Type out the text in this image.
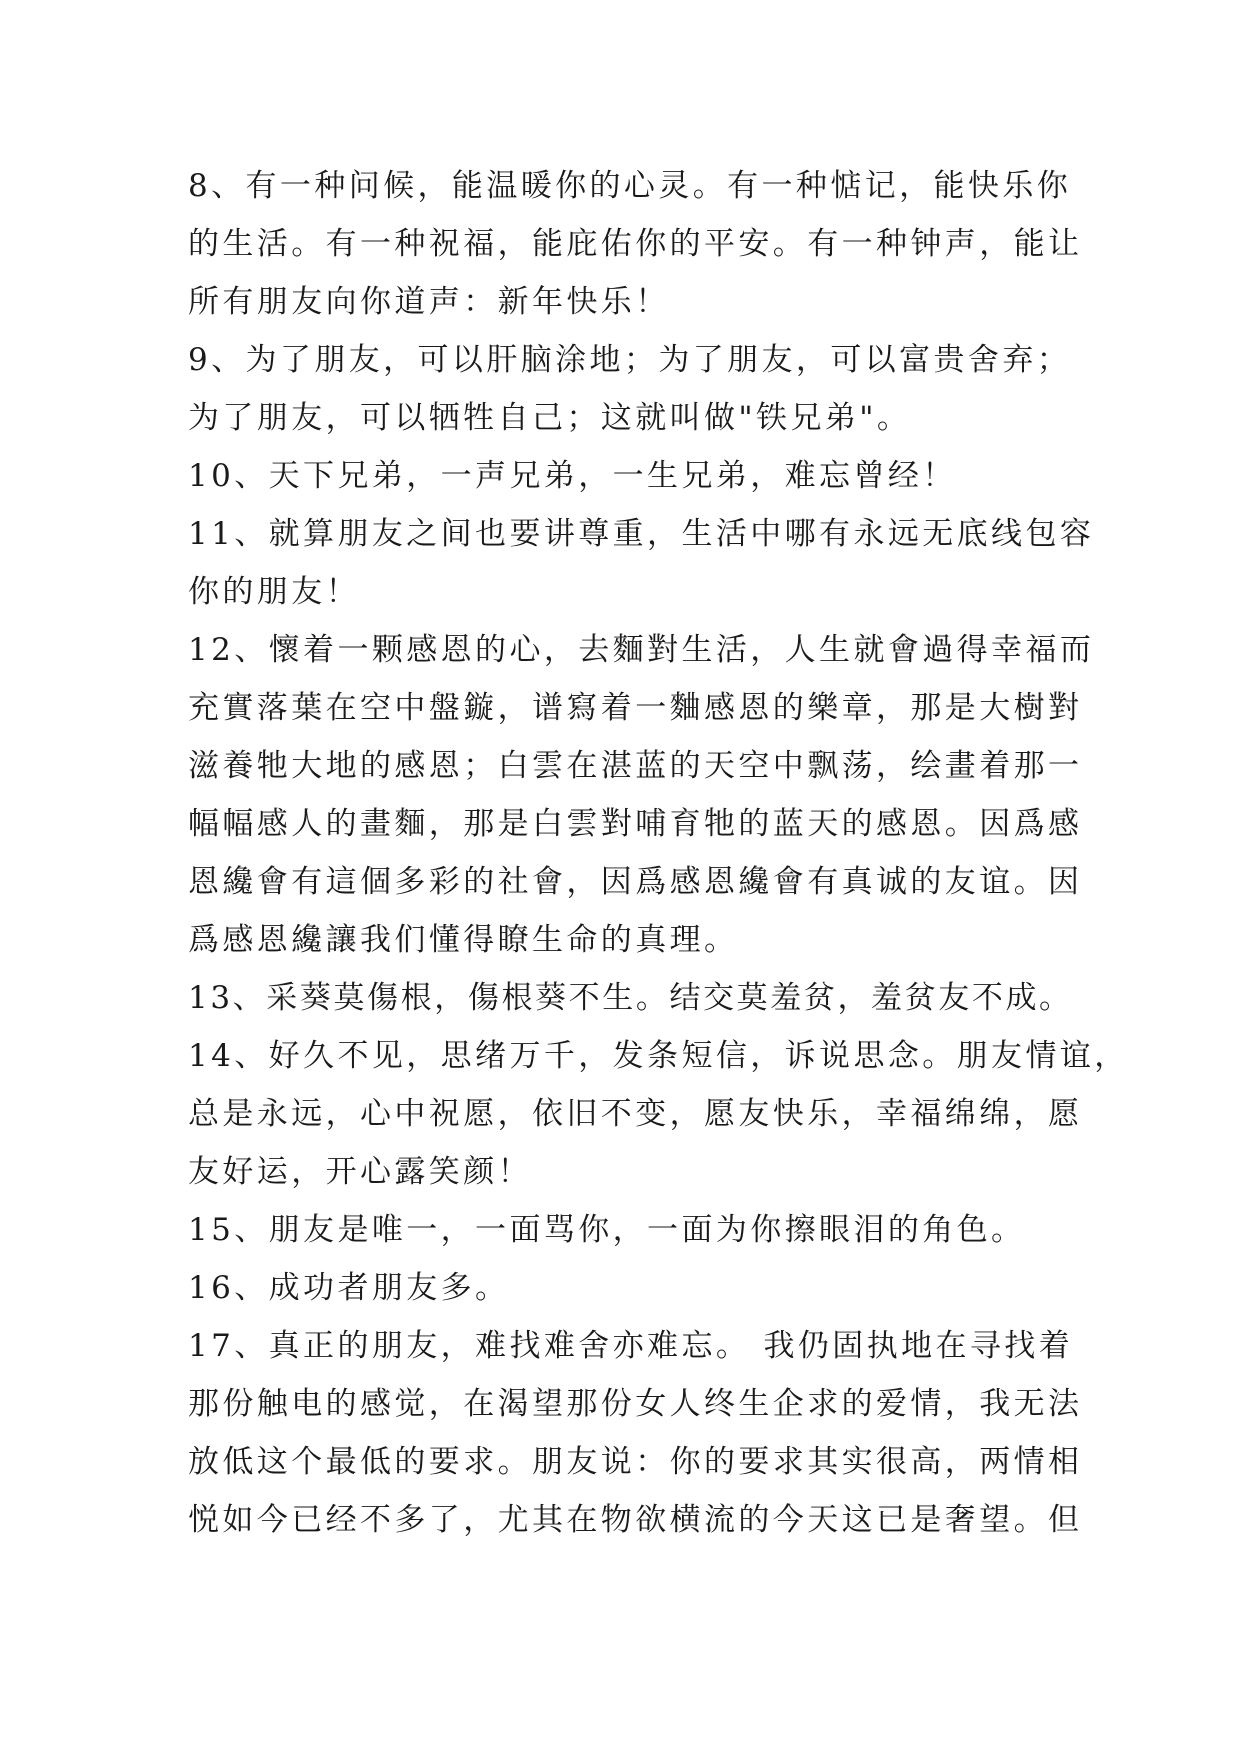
8、有一种问候，能温暖你的心灵。有一种惦记，能快乐你
的生活。有一种祝福，能庇佑你的平安。有一种钟声，能让
所有朋友向你道声：新年快乐！
9、为了朋友，可以肝脑涂地；为了朋友，可以富贵舍弃；
为了朋友，可以牺牲自己；这就叫做"铁兄弟"。
10、天下兄弟，一声兄弟，一生兄弟，难忘曾经！
11、就算朋友之间也要讲尊重，生活中哪有永远无底线包容
你的朋友！
12、懷着一颗感恩的心，去麵對生活，人生就會過得幸福而
充實落葉在空中盤鏇，谱寫着一麯感恩的樂章，那是大樹對
滋養牠大地的感恩；白雲在湛蓝的天空中飘荡，绘畫着那一
幅幅感人的畫麵，那是白雲對哺育牠的蓝天的感恩。因爲感
恩纔會有這個多彩的社會，因爲感恩纔會有真诚的友谊。因
爲感恩纔讓我们懂得瞭生命的真理。
13、采葵莫傷根，傷根葵不生。结交莫羞贫，羞贫友不成。
14、好久不见，思绪万千，发条短信，诉说思念。朋友情谊，
总是永远，心中祝愿，依旧不变，愿友快乐，幸福绵绵，愿
友好运，开心露笑颜！
15、朋友是唯一，一面骂你，一面为你擦眼泪的角色。
16、成功者朋友多。
17、真正的朋友，难找难舍亦难忘。 我仍固执地在寻找着
那份触电的感觉，在渴望那份女人终生企求的爱情，我无法
放低这个最低的要求。朋友说：你的要求其实很高，两情相
悦如今已经不多了，尤其在物欲横流的今天这已是奢望。但
